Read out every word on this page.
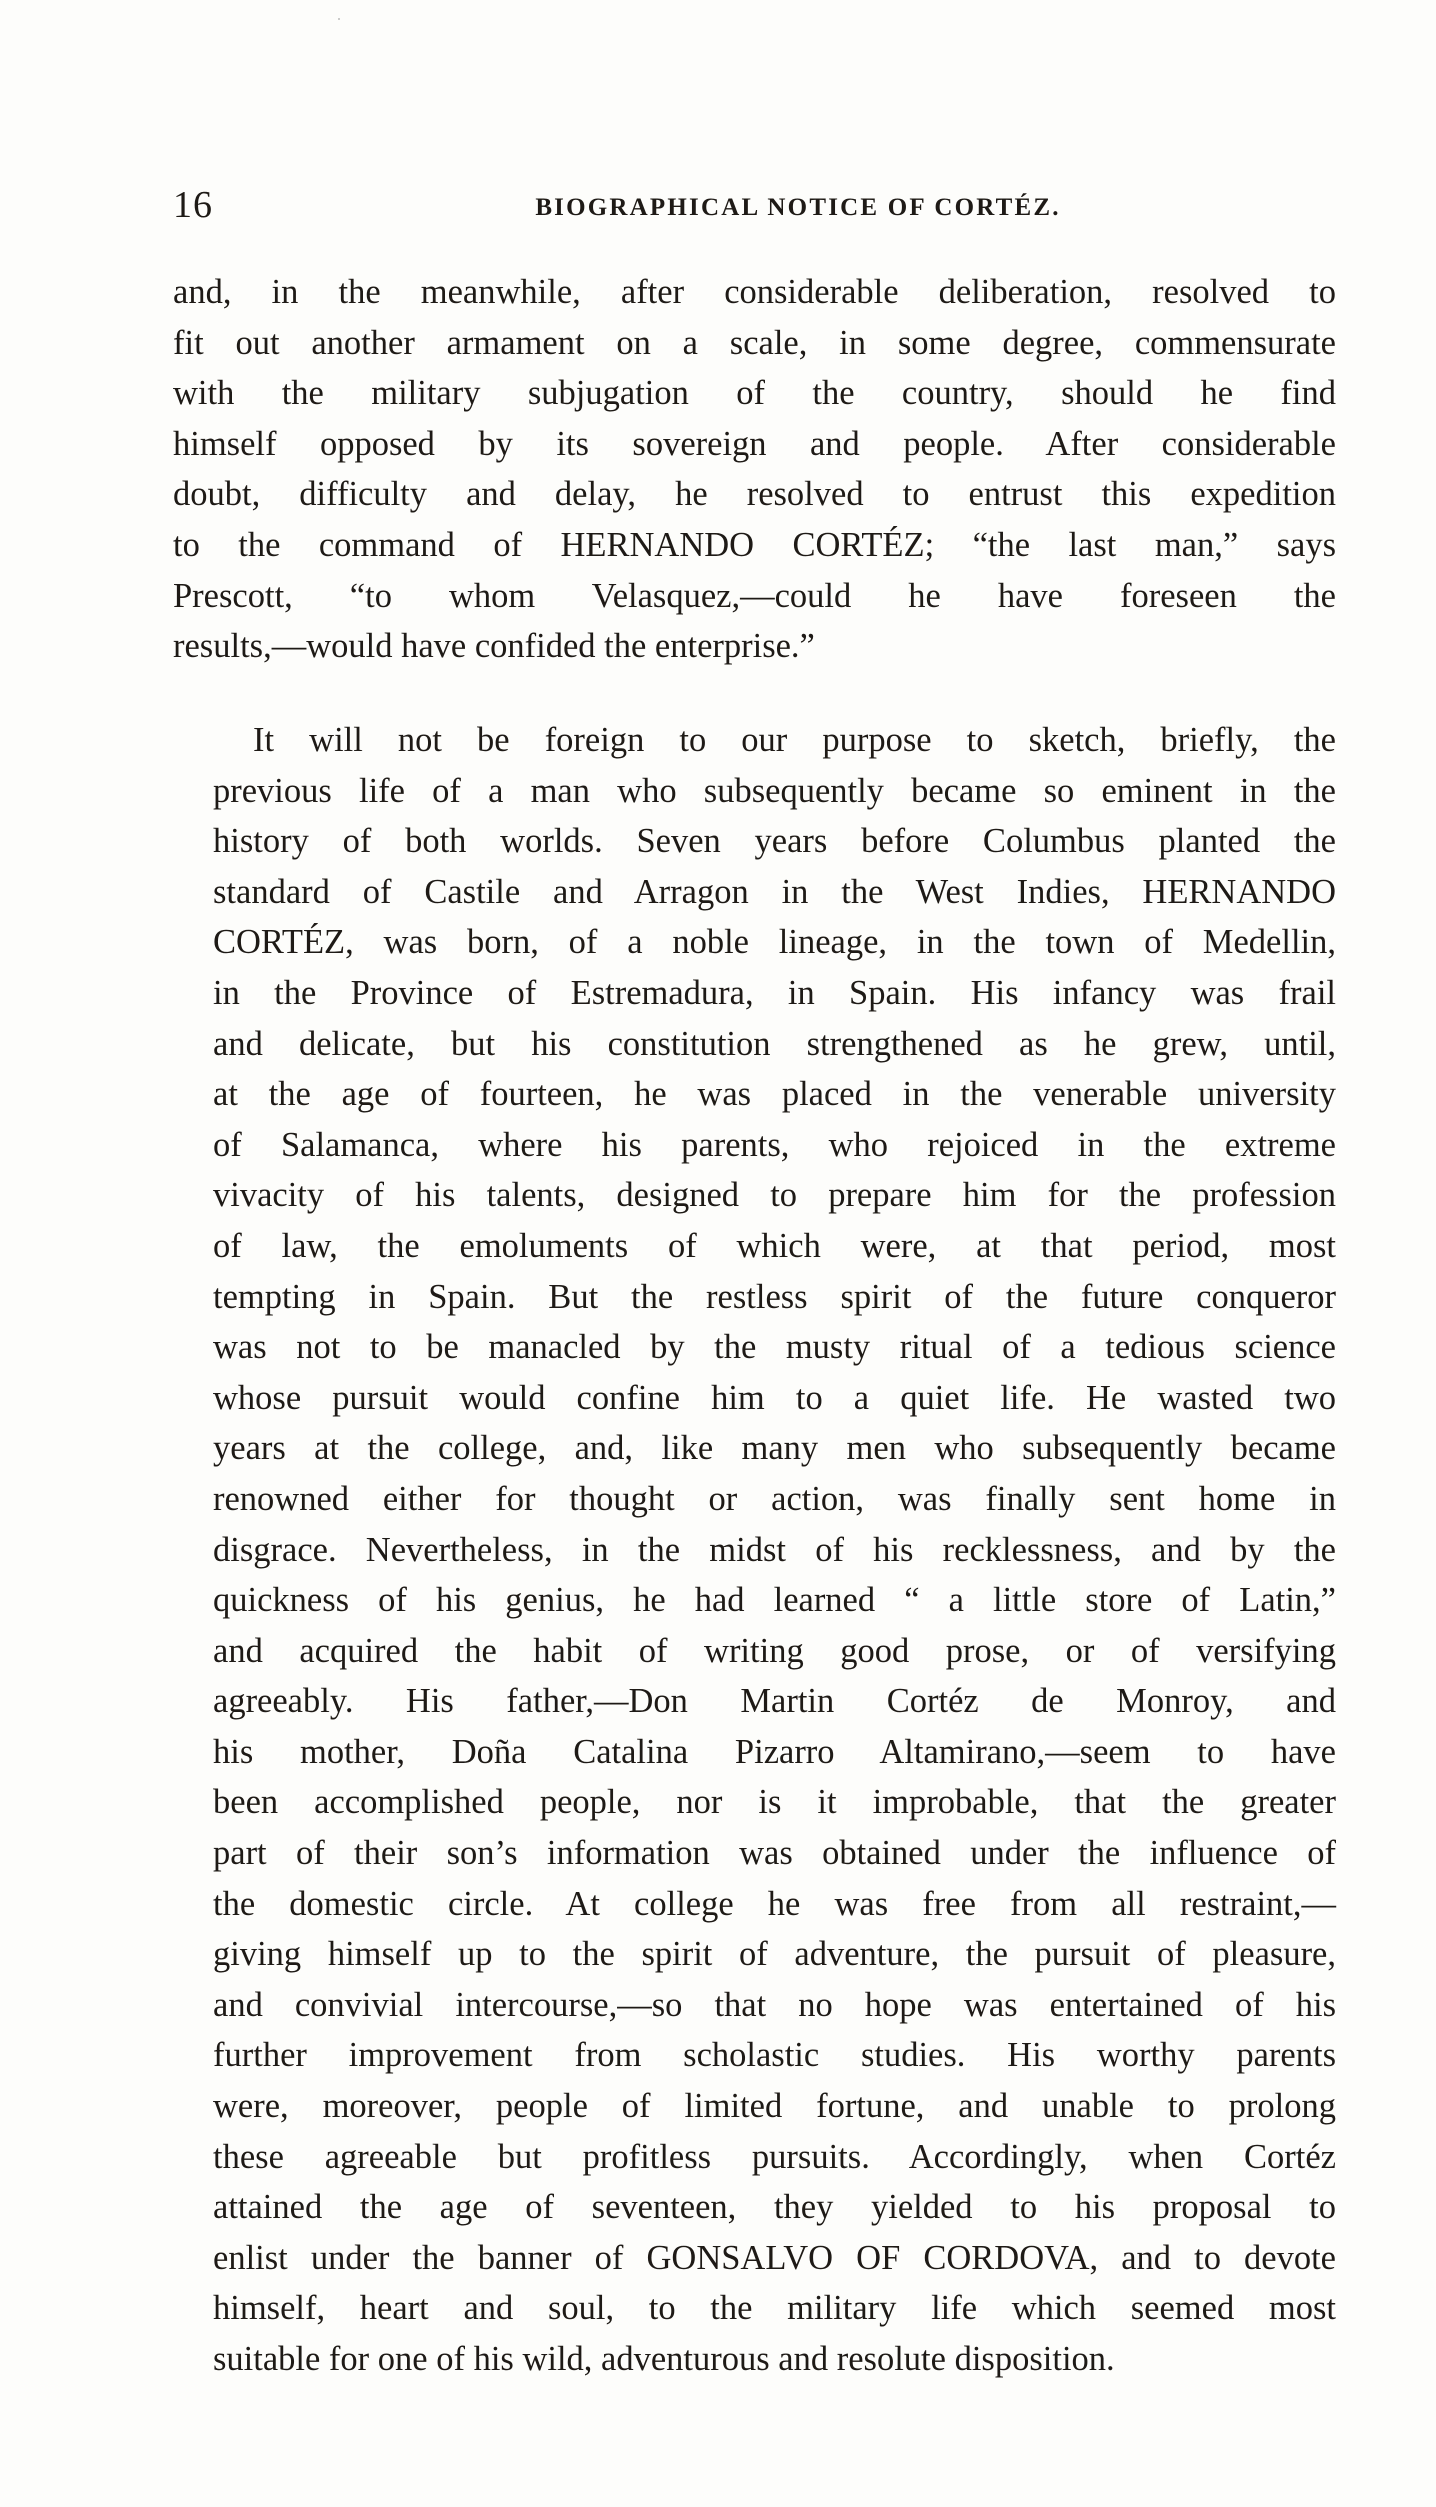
16	BIOGRAPHICAL NOTICE OF CORTÉZ.
and, in the meanwhile, after considerable deliberation, resolved to
fit out another armament on a scale, in some degree, commensurate
with the military subjugation of the country, should he find
himself opposed by its sovereign and people. After considerable
doubt, difficulty and delay, he resolved to entrust this expedition
to the command of HERNANDO CORTÉZ; “the last man,” says
Prescott, “to whom Velasquez,—could he have foreseen the
results,—would have confided the enterprise.”
It will not be foreign to our purpose to sketch, briefly, the
previous life of a man who subsequently became so eminent in the
history of both worlds. Seven years before Columbus planted the
standard of Castile and Arragon in the West Indies, HERNANDO
CORTÉZ, was born, of a noble lineage, in the town of Medellin,
in the Province of Estremadura, in Spain. His infancy was frail
and delicate, but his constitution strengthened as he grew, until,
at the age of fourteen, he was placed in the venerable university
of Salamanca, where his parents, who rejoiced in the extreme
vivacity of his talents, designed to prepare him for the profession
of law, the emoluments of which were, at that period, most
tempting in Spain. But the restless spirit of the future conqueror
was not to be manacled by the musty ritual of a tedious science
whose pursuit would confine him to a quiet life. He wasted two
years at the college, and, like many men who subsequently became
renowned either for thought or action, was finally sent home in
disgrace. Nevertheless, in the midst of his recklessness, and by the
quickness of his genius, he had learned “ a little store of Latin,”
and acquired the habit of writing good prose, or of versifying
agreeably. His father,—Don Martin Cortéz de Monroy, and
his mother, Doña Catalina Pizarro Altamirano,—seem to have
been accomplished people, nor is it improbable, that the greater
part of their son’s information was obtained under the influence of
the domestic circle. At college he was free from all restraint,—
giving himself up to the spirit of adventure, the pursuit of pleasure,
and convivial intercourse,—so that no hope was entertained of his
further improvement from scholastic studies. His worthy parents
were, moreover, people of limited fortune, and unable to prolong
these agreeable but profitless pursuits. Accordingly, when Cortéz
attained the age of seventeen, they yielded to his proposal to
enlist under the banner of GONSALVO OF CORDOVA, and to devote
himself, heart and soul, to the military life which seemed most
suitable for one of his wild, adventurous and resolute disposition.
